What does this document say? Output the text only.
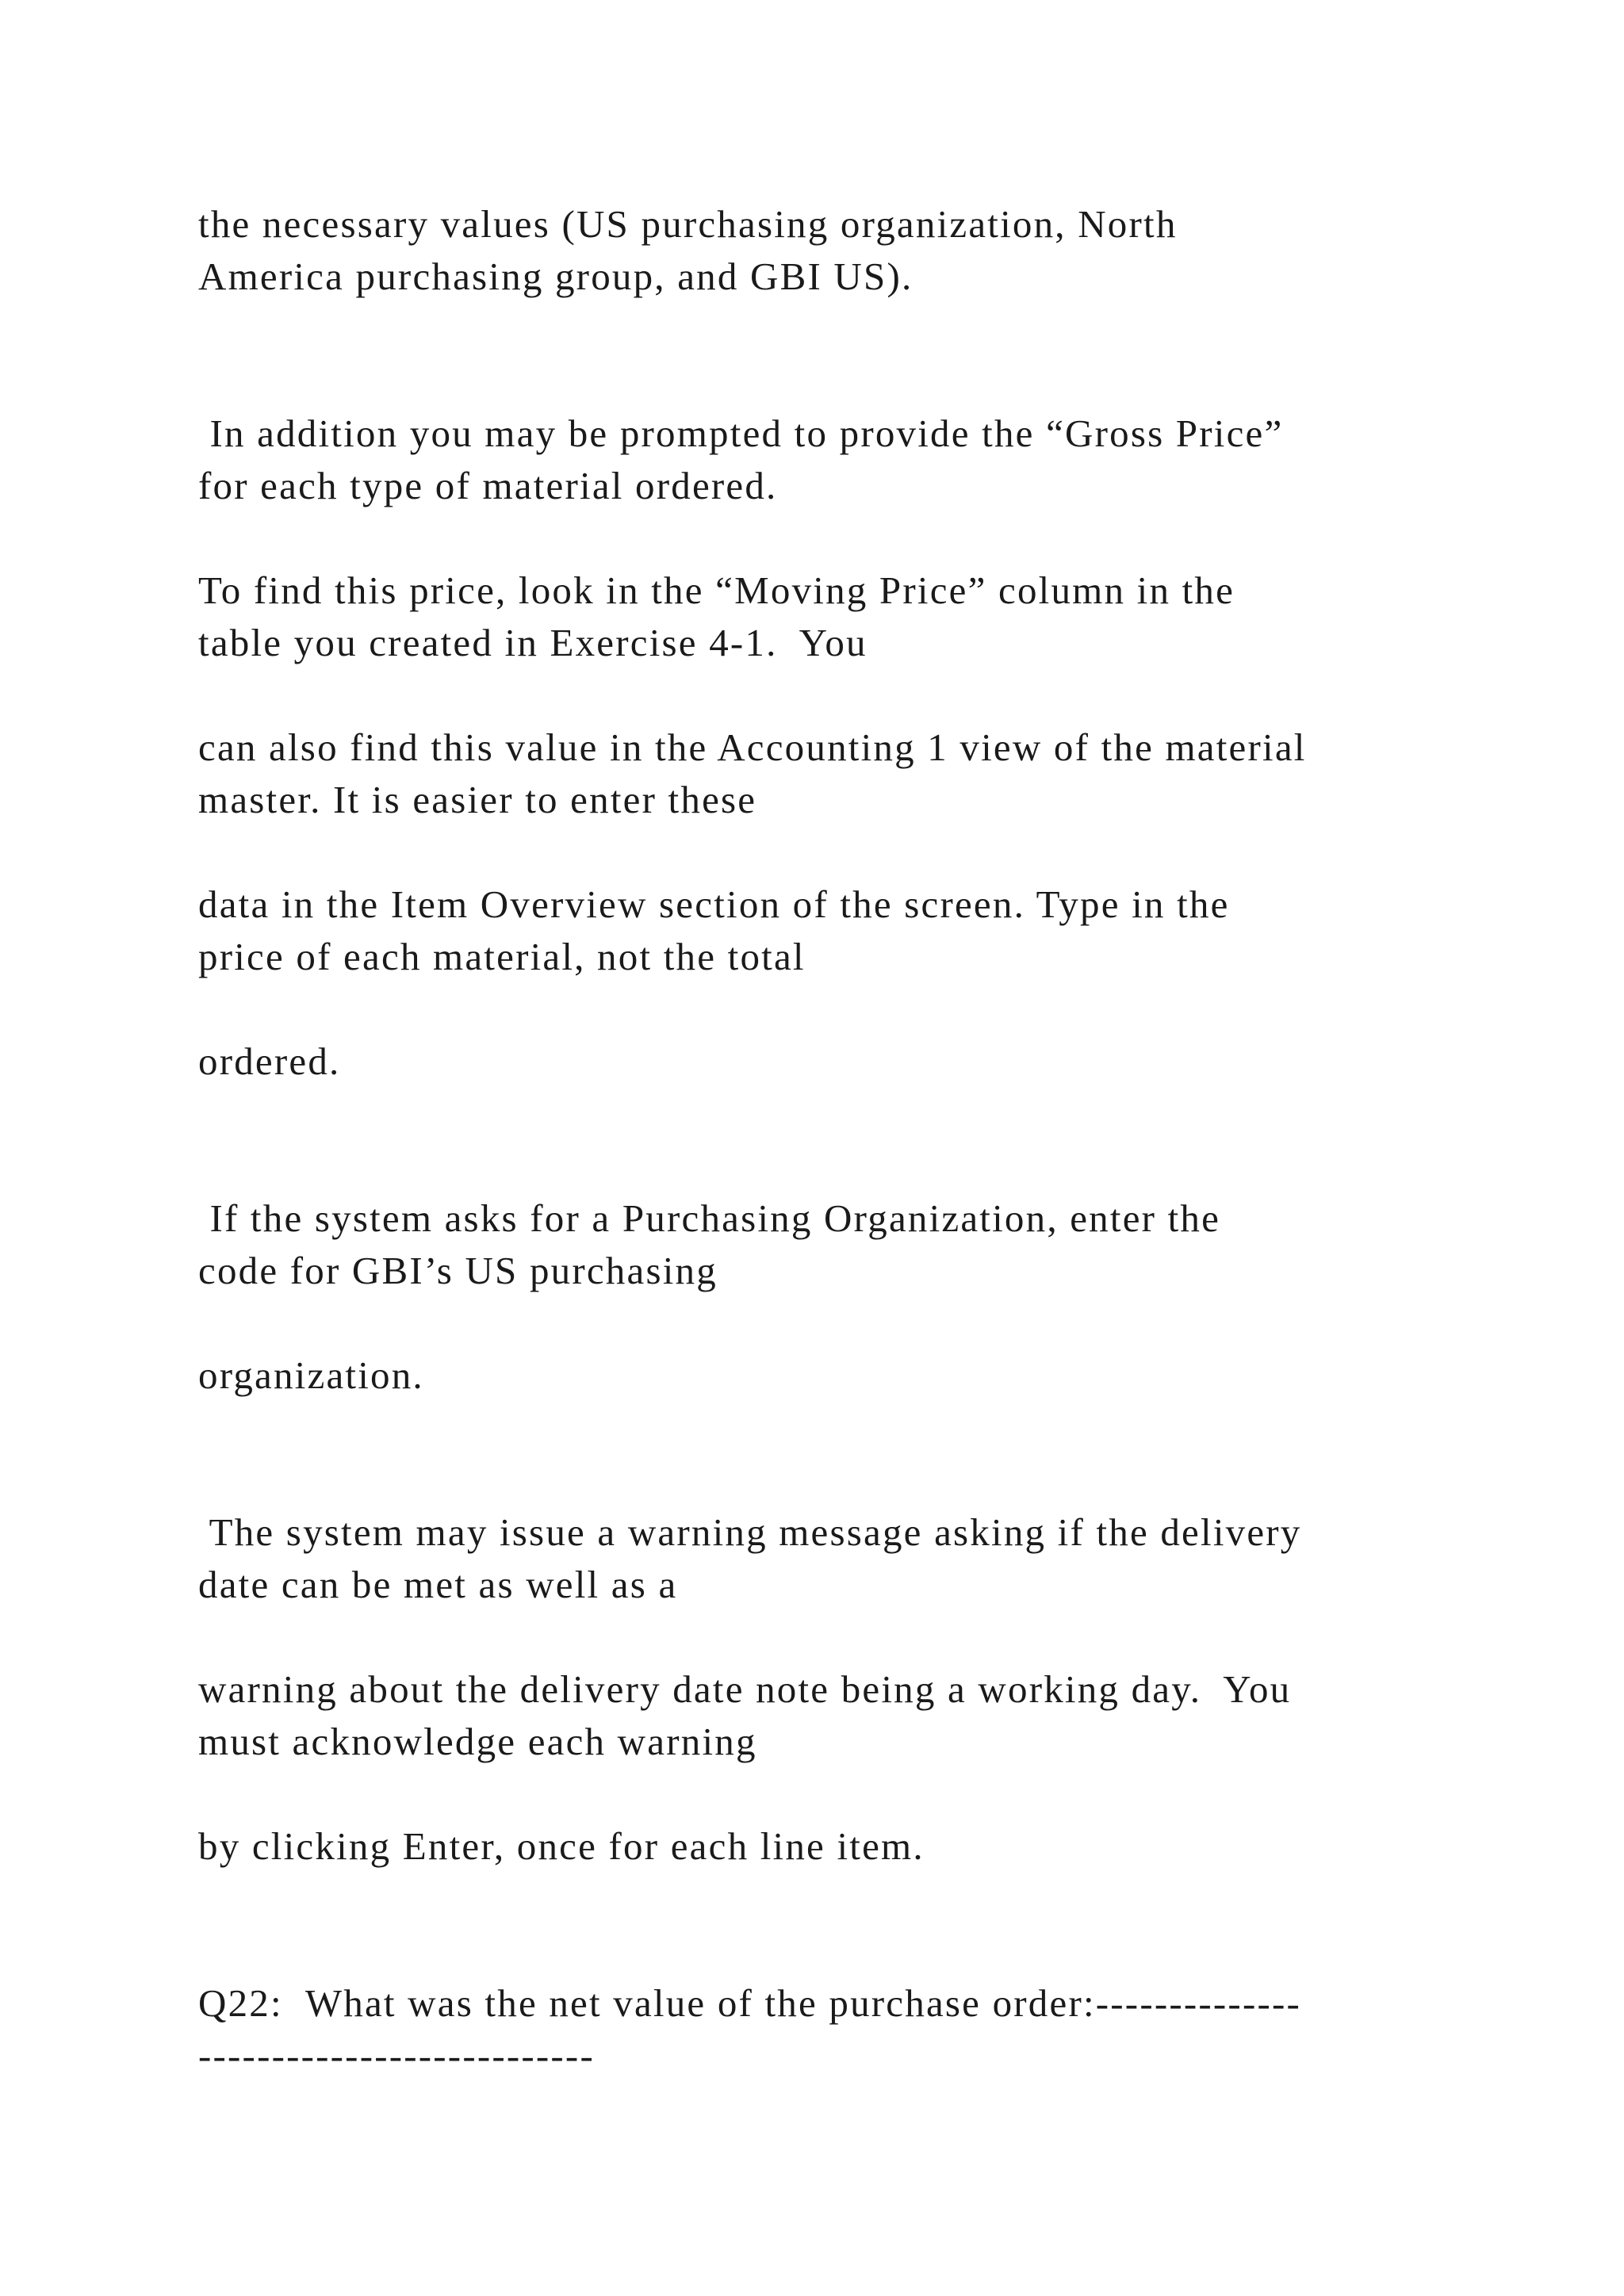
the necessary values (US purchasing organization, North
America purchasing group, and GBI US).
In addition you may be prompted to provide the “Gross Price”
for each type of material ordered.
To find this price, look in the “Moving Price” column in the
table you created in Exercise 4-1.  You
can also find this value in the Accounting 1 view of the material
master. It is easier to enter these
data in the Item Overview section of the screen. Type in the
price of each material, not the total
ordered.
If the system asks for a Purchasing Organization, enter the
code for GBI’s US purchasing
organization.
The system may issue a warning message asking if the delivery
date can be met as well as a
warning about the delivery date note being a working day.  You
must acknowledge each warning
by clicking Enter, once for each line item.
Q22:  What was the net value of the purchase order:--------------
---------------------------
